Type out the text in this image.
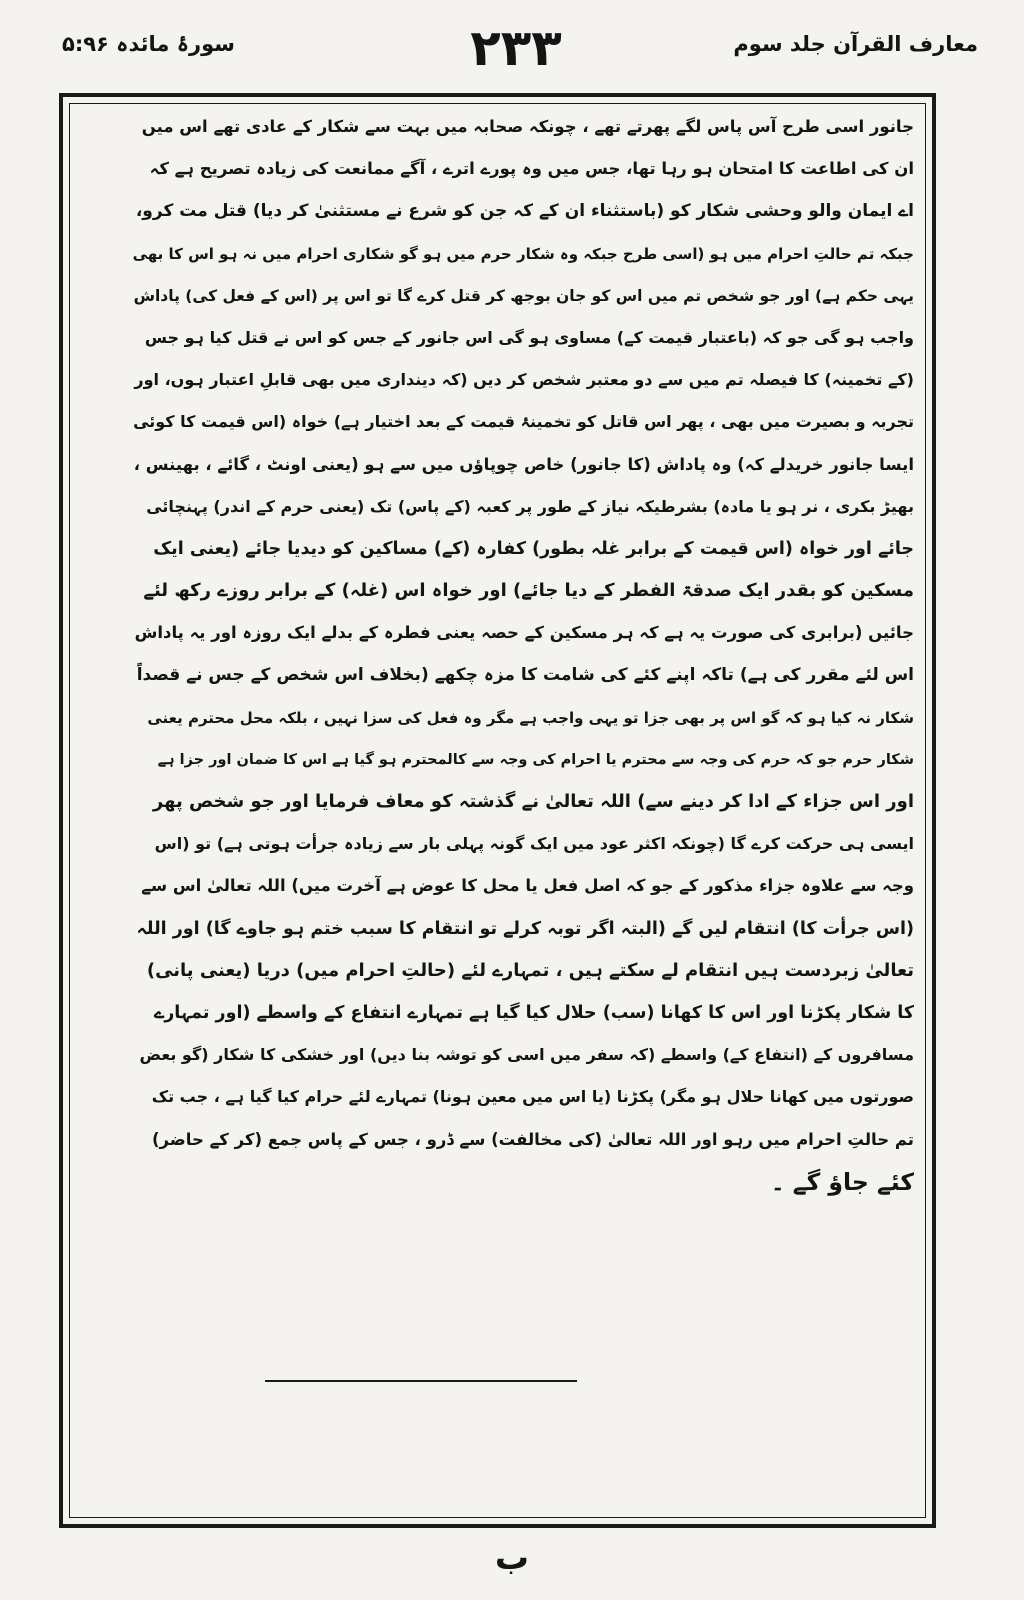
سورۂ مائدہ ۵:۹۶	۲۳۳	معارف القرآن جلد سوم
جانور اسی طرح آس پاس لگے پھرتے تھے ، چونکہ صحابہ میں بہت سے شکار کے عادی تھے اس میں
ان کی اطاعت کا امتحان ہو رہا تھا، جس میں وہ پورے اترے ، آگے ممانعت کی زیادہ تصریح ہے کہ
اے ایمان والو وحشی شکار کو (باستثناء ان کے کہ جن کو شرع نے مستثنیٰ کر دیا) قتل مت کرو،
جبکہ تم حالتِ احرام میں ہو (اسی طرح جبکہ وہ شکار حرم میں ہو گو شکاری احرام میں نہ ہو اس کا بھی
یہی حکم ہے) اور جو شخص تم میں اس کو جان بوجھ کر قتل کرے گا تو اس پر (اس کے فعل کی) پاداش
واجب ہو گی جو کہ (باعتبار قیمت کے) مساوی ہو گی اس جانور کے جس کو اس نے قتل کیا ہو جس
(کے تخمینہ) کا فیصلہ تم میں سے دو معتبر شخص کر دیں (کہ دینداری میں بھی قابلِ اعتبار ہوں، اور
تجربہ و بصیرت میں بھی ، پھر اس قاتل کو تخمینۂ قیمت کے بعد اختیار ہے) خواہ (اس قیمت کا کوئی
ایسا جانور خریدلے کہ) وہ پاداش (کا جانور) خاص چوپاؤں میں سے ہو (یعنی اونٹ ، گائے ، بھینس ،
بھیڑ بکری ، نر ہو یا مادہ) بشرطیکہ نیاز کے طور پر کعبہ (کے پاس) تک (یعنی حرم کے اندر) پہنچائی
جائے اور خواہ (اس قیمت کے برابر غلہ بطور) کفارہ (کے) مساکین کو دیدیا جائے (یعنی ایک
مسکین کو بقدر ایک صدقۃ الفطر کے دیا جائے) اور خواہ اس (غلہ) کے برابر روزے رکھ لئے
جائیں (برابری کی صورت یہ ہے کہ ہر مسکین کے حصہ یعنی فطرہ کے بدلے ایک روزہ اور یہ پاداش
اس لئے مقرر کی ہے) تاکہ اپنے کئے کی شامت کا مزہ چکھے (بخلاف اس شخص کے جس نے قصداً
شکار نہ کیا ہو کہ گو اس پر بھی جزا تو یہی واجب ہے مگر وہ فعل کی سزا نہیں ، بلکہ محل محترم یعنی
شکار حرم جو کہ حرم کی وجہ سے محترم یا احرام کی وجہ سے کالمحترم ہو گیا ہے اس کا ضمان اور جزا ہے
اور اس جزاء کے ادا کر دینے سے) اللہ تعالیٰ نے گذشتہ کو معاف فرمایا اور جو شخص پھر
ایسی ہی حرکت کرے گا (چونکہ اکثر عود میں ایک گونہ پہلی بار سے زیادہ جرأت ہوتی ہے) تو (اس
وجہ سے علاوہ جزاء مذکور کے جو کہ اصل فعل یا محل کا عوض ہے آخرت میں) اللہ تعالیٰ اس سے
(اس جرأت کا) انتقام لیں گے (البتہ اگر توبہ کرلے تو انتقام کا سبب ختم ہو جاوے گا) اور اللہ
تعالیٰ زبردست ہیں انتقام لے سکتے ہیں ، تمہارے لئے (حالتِ احرام میں) دریا (یعنی پانی)
کا شکار پکڑنا اور اس کا کھانا (سب) حلال کیا گیا ہے تمہارے انتفاع کے واسطے (اور تمہارے
مسافروں کے (انتفاع کے) واسطے (کہ سفر میں اسی کو توشہ بنا دیں) اور خشکی کا شکار (گو بعض
صورتوں میں کھانا حلال ہو مگر) پکڑنا (یا اس میں معین ہونا) تمہارے لئے حرام کیا گیا ہے ، جب تک
تم حالتِ احرام میں رہو اور اللہ تعالیٰ (کی مخالفت) سے ڈرو ، جس کے پاس جمع (کر کے حاضر)
کئے جاؤ گے ۔
ب
